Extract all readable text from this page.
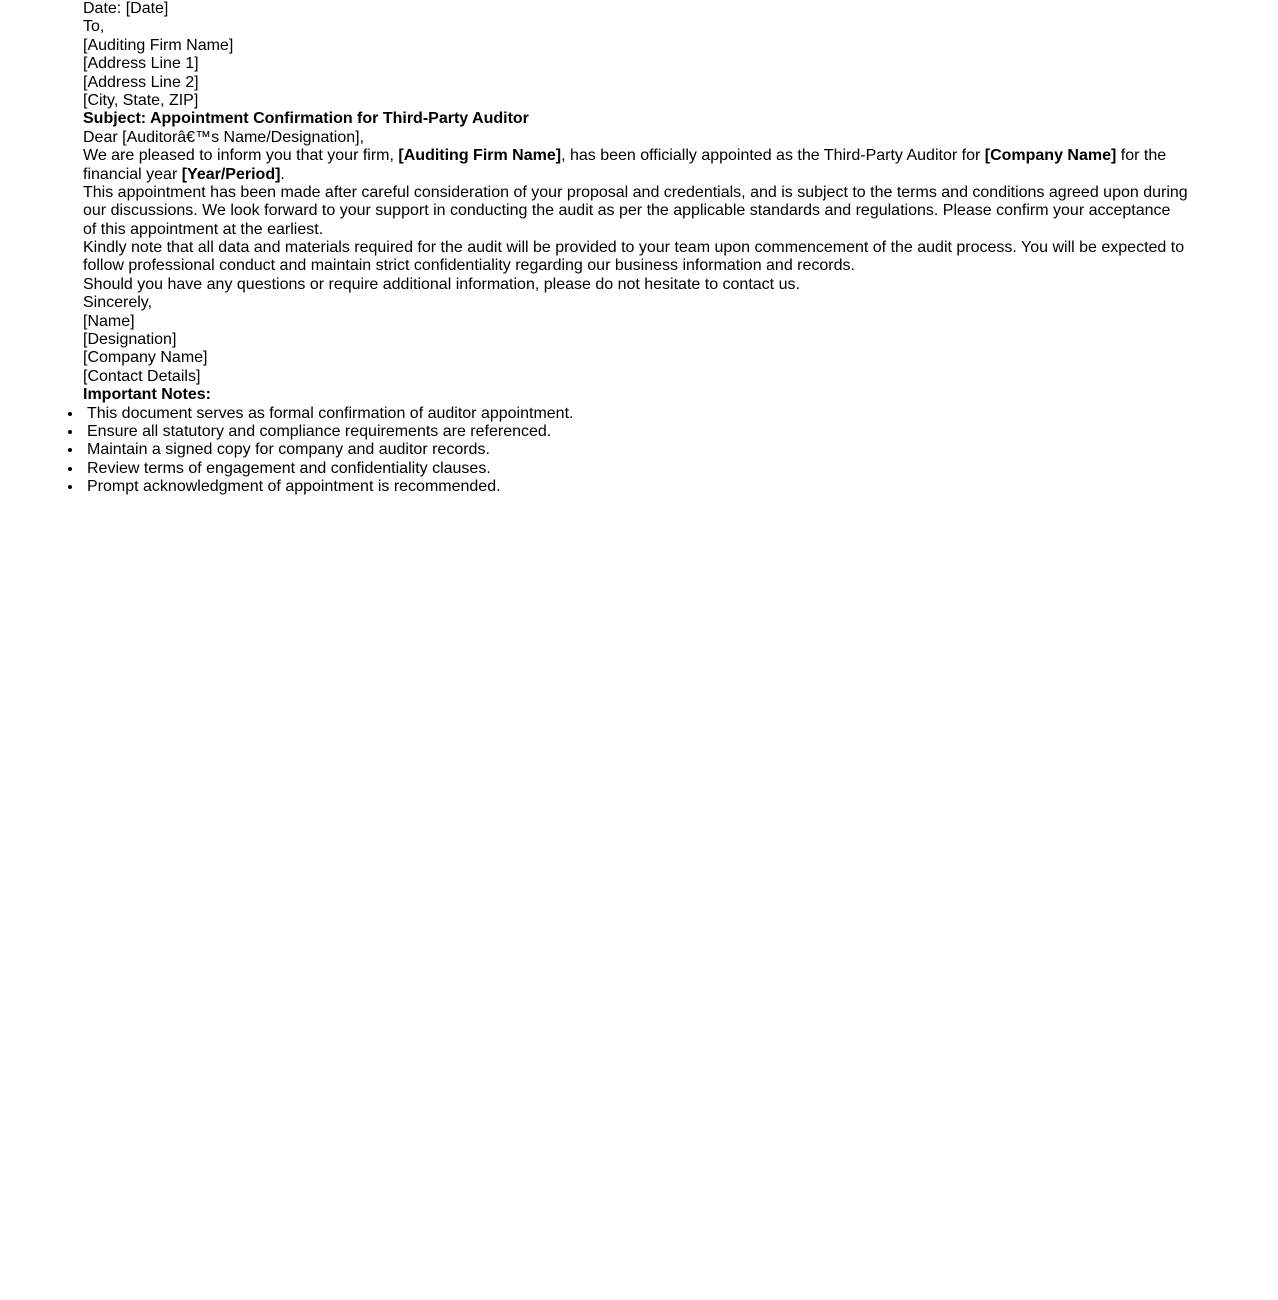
Date: [Date]

To,
[Auditing Firm Name]
[Address Line 1]
[Address Line 2]
[City, State, ZIP]

Subject: Appointment Confirmation for Third-Party Auditor

Dear [Auditorâ€™s Name/Designation],

We are pleased to inform you that your firm, [Auditing Firm Name], has been officially appointed as the Third-Party Auditor for [Company Name] for the financial year [Year/Period].

This appointment has been made after careful consideration of your proposal and credentials, and is subject to the terms and conditions agreed upon during our discussions. We look forward to your support in conducting the audit as per the applicable standards and regulations. Please confirm your acceptance of this appointment at the earliest.

Kindly note that all data and materials required for the audit will be provided to your team upon commencement of the audit process. You will be expected to follow professional conduct and maintain strict confidentiality regarding our business information and records.

Should you have any questions or require additional information, please do not hesitate to contact us.

Sincerely,

[Name]
[Designation]
[Company Name]
[Contact Details]

Important Notes:

• This document serves as formal confirmation of auditor appointment.
• Ensure all statutory and compliance requirements are referenced.
• Maintain a signed copy for company and auditor records.
• Review terms of engagement and confidentiality clauses.
• Prompt acknowledgment of appointment is recommended.
